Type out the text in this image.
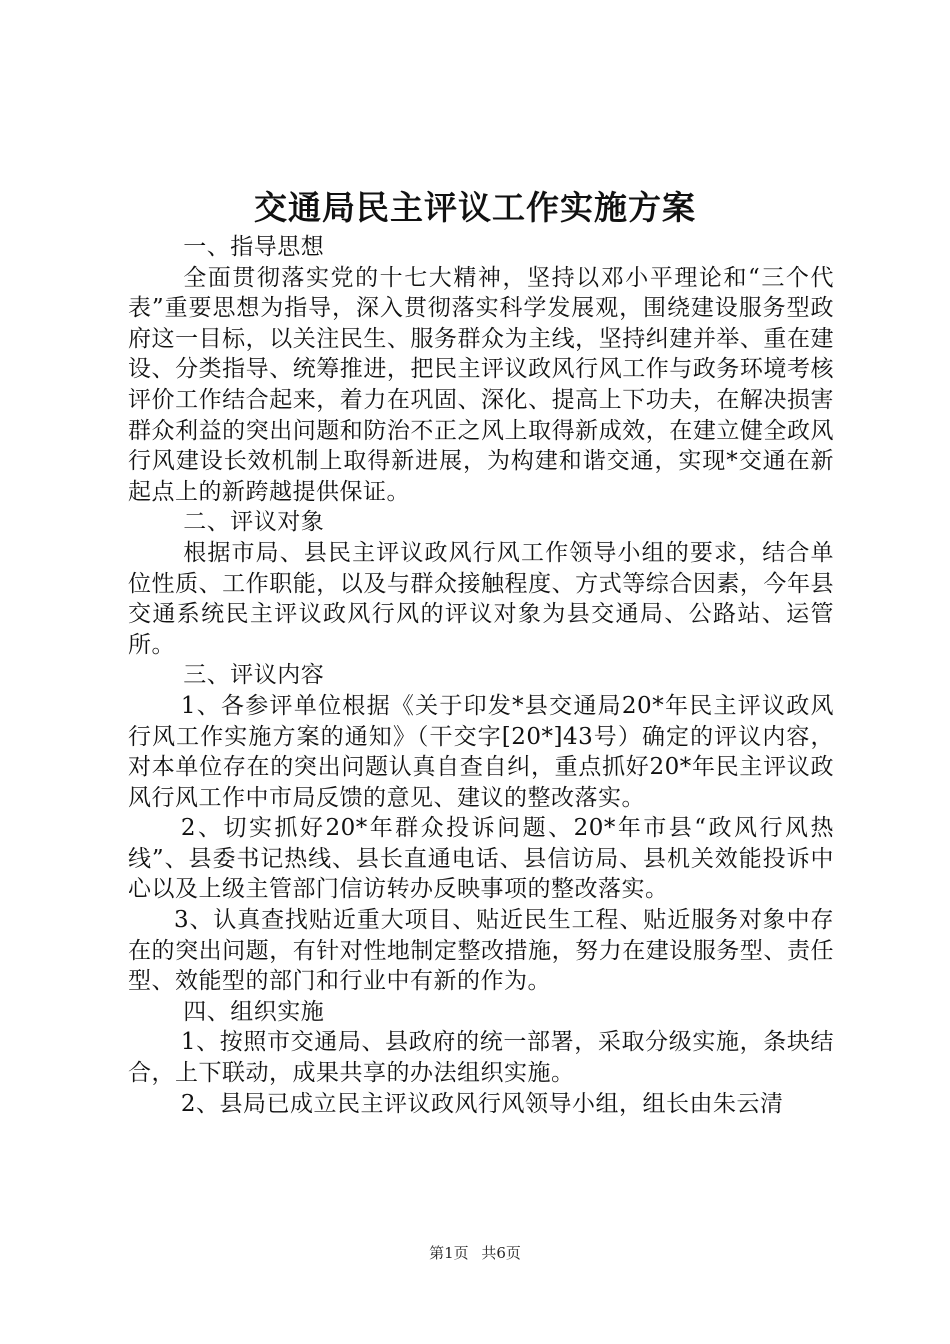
交通局民主评议工作实施方案

一、指导思想

全面贯彻落实党的十七大精神，坚持以邓小平理论和“三个代表”重要思想为指导，深入贯彻落实科学发展观，围绕建设服务型政府这一目标，以关注民生、服务群众为主线，坚持纠建并举、重在建设、分类指导、统筹推进，把民主评议政风行风工作与政务环境考核评价工作结合起来，着力在巩固、深化、提高上下功夫，在解决损害群众利益的突出问题和防治不正之风上取得新成效，在建立健全政风行风建设长效机制上取得新进展，为构建和谐交通，实现*交通在新起点上的新跨越提供保证。

二、评议对象

根据市局、县民主评议政风行风工作领导小组的要求，结合单位性质、工作职能，以及与群众接触程度、方式等综合因素，今年县交通系统民主评议政风行风的评议对象为县交通局、公路站、运管所。

三、评议内容

1、各参评单位根据《关于印发*县交通局20*年民主评议政风行风工作实施方案的通知》（干交字[20*]43号）确定的评议内容，对本单位存在的突出问题认真自查自纠，重点抓好20*年民主评议政风行风工作中市局反馈的意见、建议的整改落实。

2、切实抓好20*年群众投诉问题、20*年市县“政风行风热线”、县委书记热线、县长直通电话、县信访局、县机关效能投诉中心以及上级主管部门信访转办反映事项的整改落实。

3、认真查找贴近重大项目、贴近民生工程、贴近服务对象中存在的突出问题，有针对性地制定整改措施，努力在建设服务型、责任型、效能型的部门和行业中有新的作为。

四、组织实施

1、按照市交通局、县政府的统一部署，采取分级实施，条块结合，上下联动，成果共享的办法组织实施。

2、县局已成立民主评议政风行风领导小组，组长由朱云清

第1页 共6页
